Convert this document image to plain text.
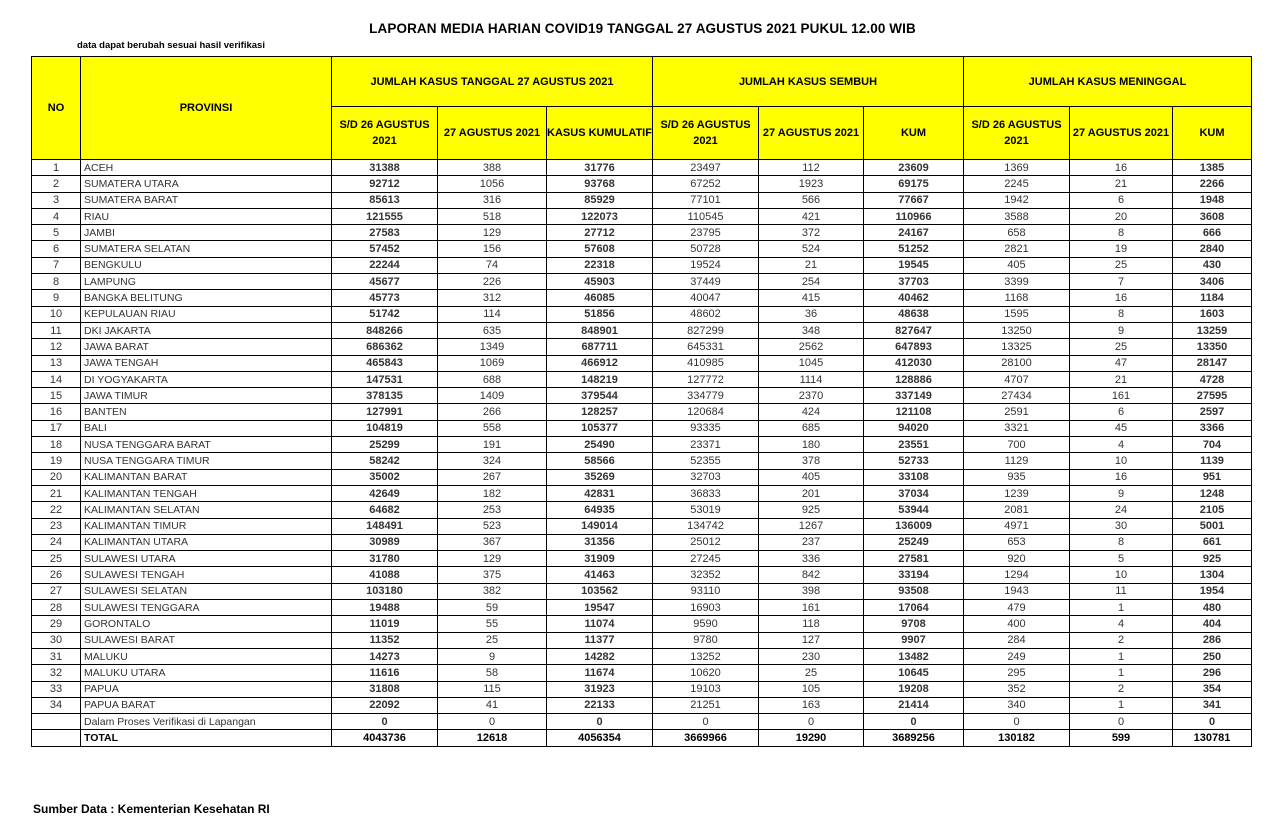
LAPORAN MEDIA HARIAN COVID19 TANGGAL 27 AGUSTUS 2021 PUKUL 12.00 WIB
data dapat berubah sesuai hasil verifikasi
NO	PROVINSI	JUMLAH KASUS TANGGAL 27 AGUSTUS 2021			JUMLAH KASUS SEMBUH			JUMLAH KASUS MENINGGAL		
		S/D 26 AGUSTUS 2021	27 AGUSTUS 2021	KASUS KUMULATIF	S/D 26 AGUSTUS 2021	27 AGUSTUS 2021	KUM	S/D 26 AGUSTUS 2021	27 AGUSTUS 2021	KUM
1	ACEH	31388	388	31776	23497	112	23609	1369	16	1385
2	SUMATERA UTARA	92712	1056	93768	67252	1923	69175	2245	21	2266
3	SUMATERA BARAT	85613	316	85929	77101	566	77667	1942	6	1948
4	RIAU	121555	518	122073	110545	421	110966	3588	20	3608
5	JAMBI	27583	129	27712	23795	372	24167	658	8	666
6	SUMATERA SELATAN	57452	156	57608	50728	524	51252	2821	19	2840
7	BENGKULU	22244	74	22318	19524	21	19545	405	25	430
8	LAMPUNG	45677	226	45903	37449	254	37703	3399	7	3406
9	BANGKA BELITUNG	45773	312	46085	40047	415	40462	1168	16	1184
10	KEPULAUAN RIAU	51742	114	51856	48602	36	48638	1595	8	1603
11	DKI JAKARTA	848266	635	848901	827299	348	827647	13250	9	13259
12	JAWA BARAT	686362	1349	687711	645331	2562	647893	13325	25	13350
13	JAWA TENGAH	465843	1069	466912	410985	1045	412030	28100	47	28147
14	DI YOGYAKARTA	147531	688	148219	127772	1114	128886	4707	21	4728
15	JAWA TIMUR	378135	1409	379544	334779	2370	337149	27434	161	27595
16	BANTEN	127991	266	128257	120684	424	121108	2591	6	2597
17	BALI	104819	558	105377	93335	685	94020	3321	45	3366
18	NUSA TENGGARA BARAT	25299	191	25490	23371	180	23551	700	4	704
19	NUSA TENGGARA TIMUR	58242	324	58566	52355	378	52733	1129	10	1139
20	KALIMANTAN BARAT	35002	267	35269	32703	405	33108	935	16	951
21	KALIMANTAN TENGAH	42649	182	42831	36833	201	37034	1239	9	1248
22	KALIMANTAN SELATAN	64682	253	64935	53019	925	53944	2081	24	2105
23	KALIMANTAN TIMUR	148491	523	149014	134742	1267	136009	4971	30	5001
24	KALIMANTAN UTARA	30989	367	31356	25012	237	25249	653	8	661
25	SULAWESI UTARA	31780	129	31909	27245	336	27581	920	5	925
26	SULAWESI TENGAH	41088	375	41463	32352	842	33194	1294	10	1304
27	SULAWESI SELATAN	103180	382	103562	93110	398	93508	1943	11	1954
28	SULAWESI TENGGARA	19488	59	19547	16903	161	17064	479	1	480
29	GORONTALO	11019	55	11074	9590	118	9708	400	4	404
30	SULAWESI BARAT	11352	25	11377	9780	127	9907	284	2	286
31	MALUKU	14273	9	14282	13252	230	13482	249	1	250
32	MALUKU UTARA	11616	58	11674	10620	25	10645	295	1	296
33	PAPUA	31808	115	31923	19103	105	19208	352	2	354
34	PAPUA BARAT	22092	41	22133	21251	163	21414	340	1	341
	Dalam Proses Verifikasi di Lapangan	0	0	0	0	0	0	0	0	0
	TOTAL	4043736	12618	4056354	3669966	19290	3689256	130182	599	130781
Sumber Data : Kementerian Kesehatan RI
